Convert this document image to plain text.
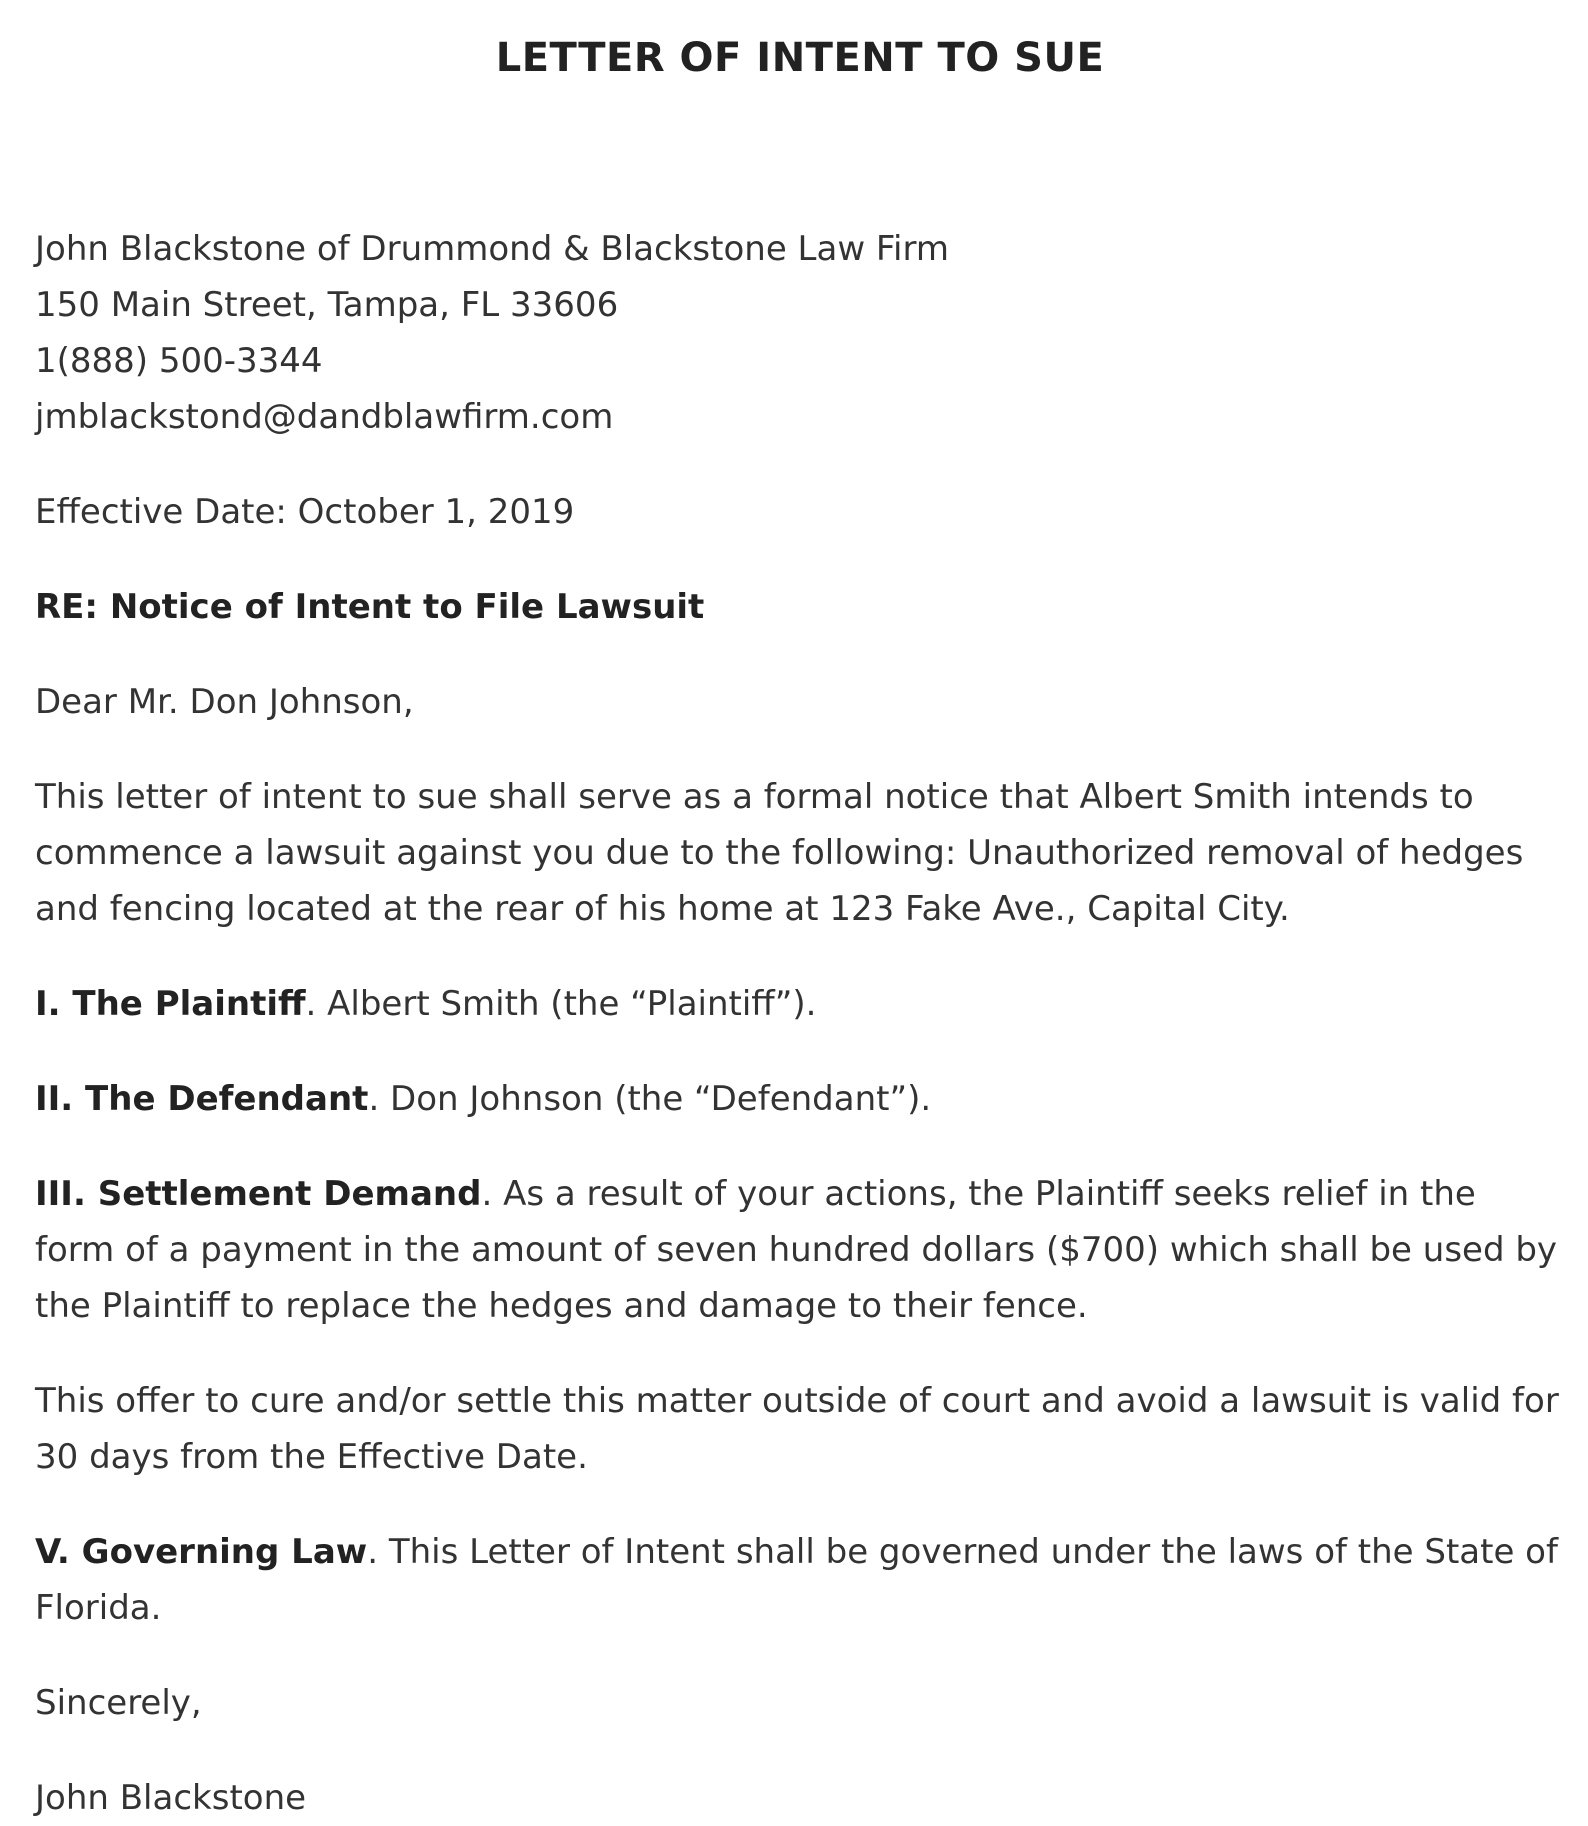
LETTER OF INTENT TO SUE

John Blackstone of Drummond & Blackstone Law Firm

150 Main Street, Tampa, FL 33606

1(888) 500-3344

jmblackstond@dandblawfirm.com

Effective Date: October 1, 2019

RE: Notice of Intent to File Lawsuit

Dear Mr. Don Johnson,

This letter of intent to sue shall serve as a formal notice that Albert Smith intends to commence a lawsuit against you due to the following: Unauthorized removal of hedges and fencing located at the rear of his home at 123 Fake Ave., Capital City.

I. The Plaintiff. Albert Smith (the “Plaintiff”).

II. The Defendant. Don Johnson (the “Defendant”).

III. Settlement Demand. As a result of your actions, the Plaintiff seeks relief in the form of a payment in the amount of seven hundred dollars ($700) which shall be used by the Plaintiff to replace the hedges and damage to their fence.

This offer to cure and/or settle this matter outside of court and avoid a lawsuit is valid for 30 days from the Effective Date.

V. Governing Law. This Letter of Intent shall be governed under the laws of the State of Florida.

Sincerely,

John Blackstone
